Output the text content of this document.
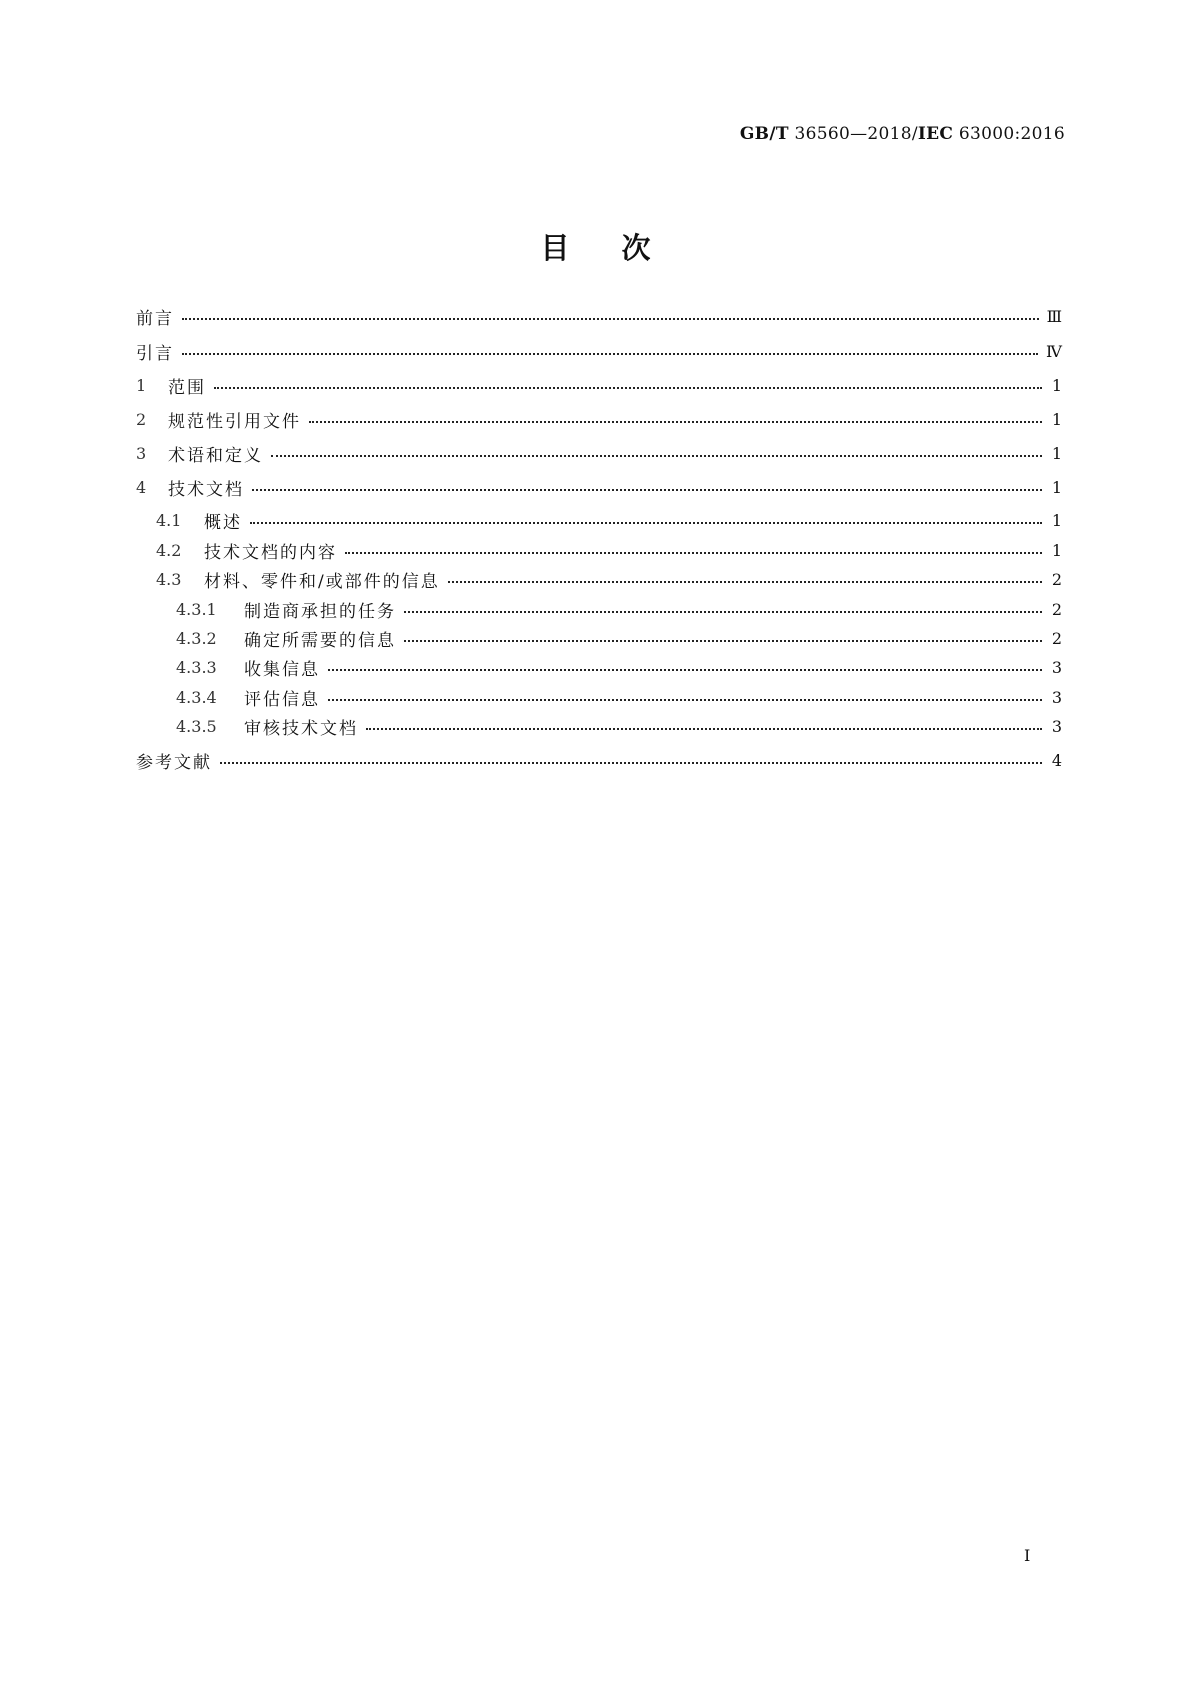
GB/T 36560—2018/IEC 63000:2016
目次
前言	Ⅲ
引言	Ⅳ
1	范围	1
2	规范性引用文件	1
3	术语和定义	1
4	技术文档	1
4.1	概述	1
4.2	技术文档的内容	1
4.3	材料、零件和/或部件的信息	2
4.3.1	制造商承担的任务	2
4.3.2	确定所需要的信息	2
4.3.3	收集信息	3
4.3.4	评估信息	3
4.3.5	审核技术文档	3
参考文献	4
I
